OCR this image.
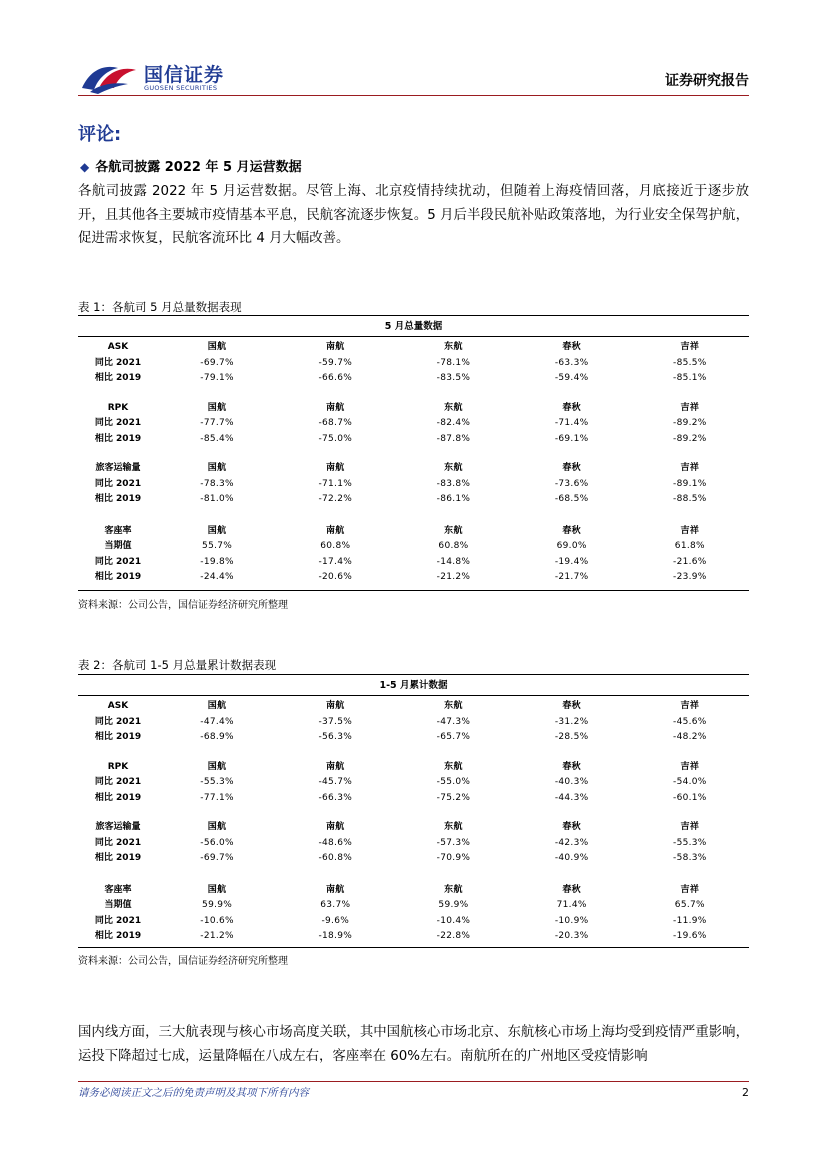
国信证券
GUOSEN SECURITIES	证券研究报告
评论:
◆ 各航司披露 2022 年 5 月运营数据
各航司披露 2022 年 5 月运营数据。尽管上海、北京疫情持续扰动，但随着上海疫情回落，月底接近于逐步放开，且其他各主要城市疫情基本平息，民航客流逐步恢复。5 月后半段民航补贴政策落地，为行业安全保驾护航，促进需求恢复，民航客流环比 4 月大幅改善。
表 1：各航司 5 月总量数据表现
5 月总量数据
ASK	国航	南航	东航	春秋	吉祥
同比 2021	-69.7%	-59.7%	-78.1%	-63.3%	-85.5%
相比 2019	-79.1%	-66.6%	-83.5%	-59.4%	-85.1%
RPK	国航	南航	东航	春秋	吉祥
同比 2021	-77.7%	-68.7%	-82.4%	-71.4%	-89.2%
相比 2019	-85.4%	-75.0%	-87.8%	-69.1%	-89.2%
旅客运输量	国航	南航	东航	春秋	吉祥
同比 2021	-78.3%	-71.1%	-83.8%	-73.6%	-89.1%
相比 2019	-81.0%	-72.2%	-86.1%	-68.5%	-88.5%
客座率	国航	南航	东航	春秋	吉祥
当期值	55.7%	60.8%	60.8%	69.0%	61.8%
同比 2021	-19.8%	-17.4%	-14.8%	-19.4%	-21.6%
相比 2019	-24.4%	-20.6%	-21.2%	-21.7%	-23.9%
资料来源：公司公告，国信证券经济研究所整理
表 2：各航司 1-5 月总量累计数据表现
1-5 月累计数据
ASK	国航	南航	东航	春秋	吉祥
同比 2021	-47.4%	-37.5%	-47.3%	-31.2%	-45.6%
相比 2019	-68.9%	-56.3%	-65.7%	-28.5%	-48.2%
RPK	国航	南航	东航	春秋	吉祥
同比 2021	-55.3%	-45.7%	-55.0%	-40.3%	-54.0%
相比 2019	-77.1%	-66.3%	-75.2%	-44.3%	-60.1%
旅客运输量	国航	南航	东航	春秋	吉祥
同比 2021	-56.0%	-48.6%	-57.3%	-42.3%	-55.3%
相比 2019	-69.7%	-60.8%	-70.9%	-40.9%	-58.3%
客座率	国航	南航	东航	春秋	吉祥
当期值	59.9%	63.7%	59.9%	71.4%	65.7%
同比 2021	-10.6%	-9.6%	-10.4%	-10.9%	-11.9%
相比 2019	-21.2%	-18.9%	-22.8%	-20.3%	-19.6%
资料来源：公司公告，国信证券经济研究所整理
国内线方面，三大航表现与核心市场高度关联，其中国航核心市场北京、东航核心市场上海均受到疫情严重影响，运投下降超过七成，运量降幅在八成左右，客座率在 60%左右。南航所在的广州地区受疫情影响
请务必阅读正文之后的免责声明及其项下所有内容	2
